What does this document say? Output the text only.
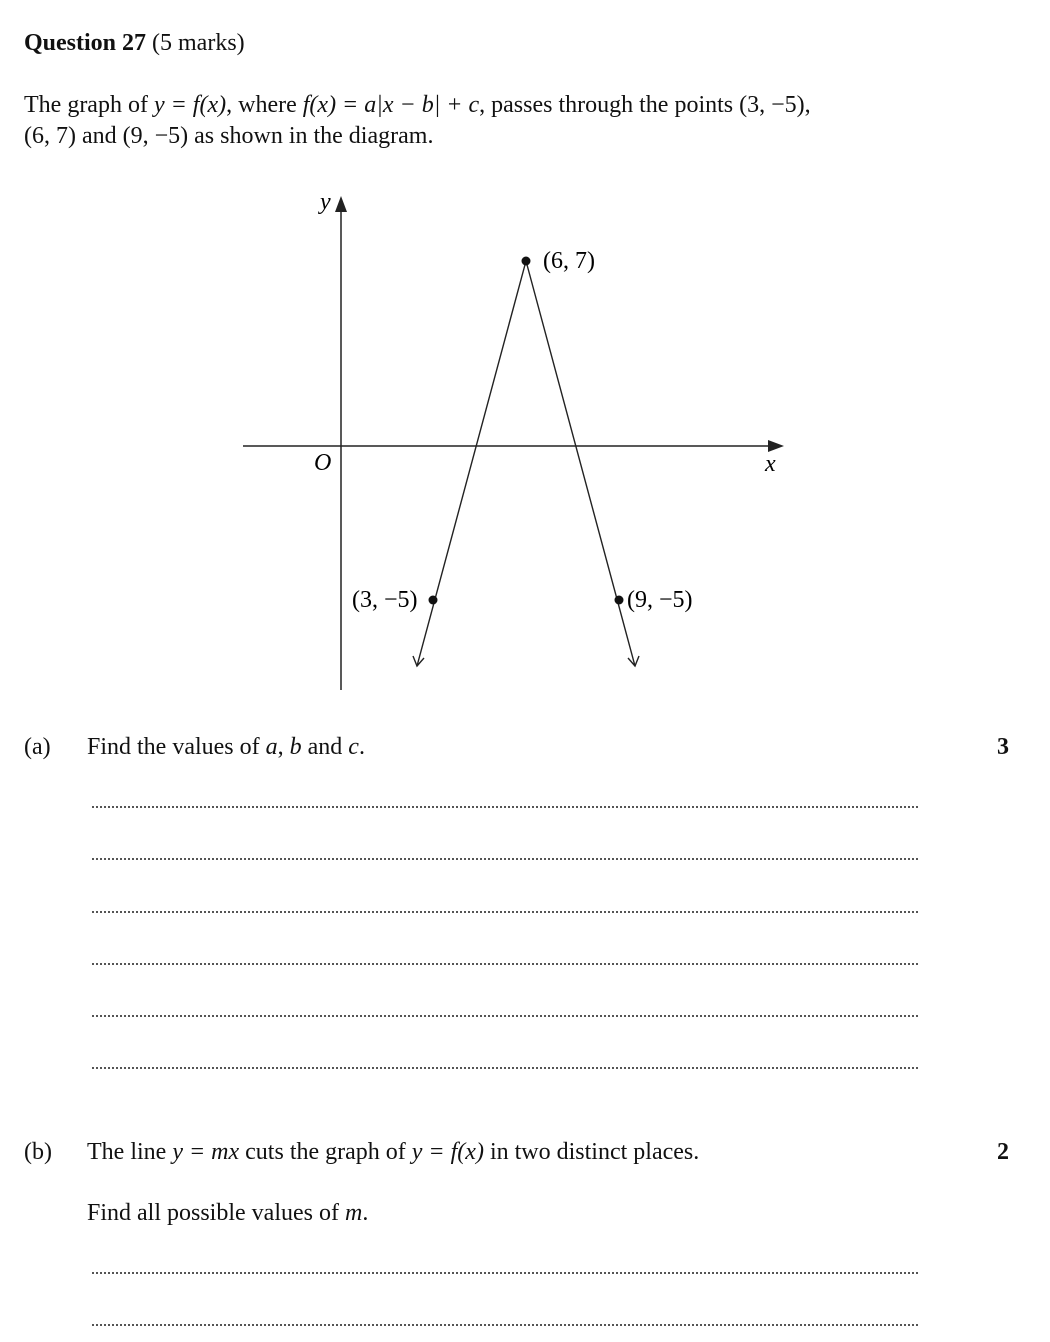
Question 27 (5 marks)
The graph of y = f(x), where f(x) = a|x − b| + c, passes through the points (3, −5),
(6, 7) and (9, −5) as shown in the diagram.
y
x
O
(6, 7)
(3, −5)	(9, −5)
(a) Find the values of a, b and c.	3
(b) The line y = mx cuts the graph of y = f(x) in two distinct places.	2
Find all possible values of m.
